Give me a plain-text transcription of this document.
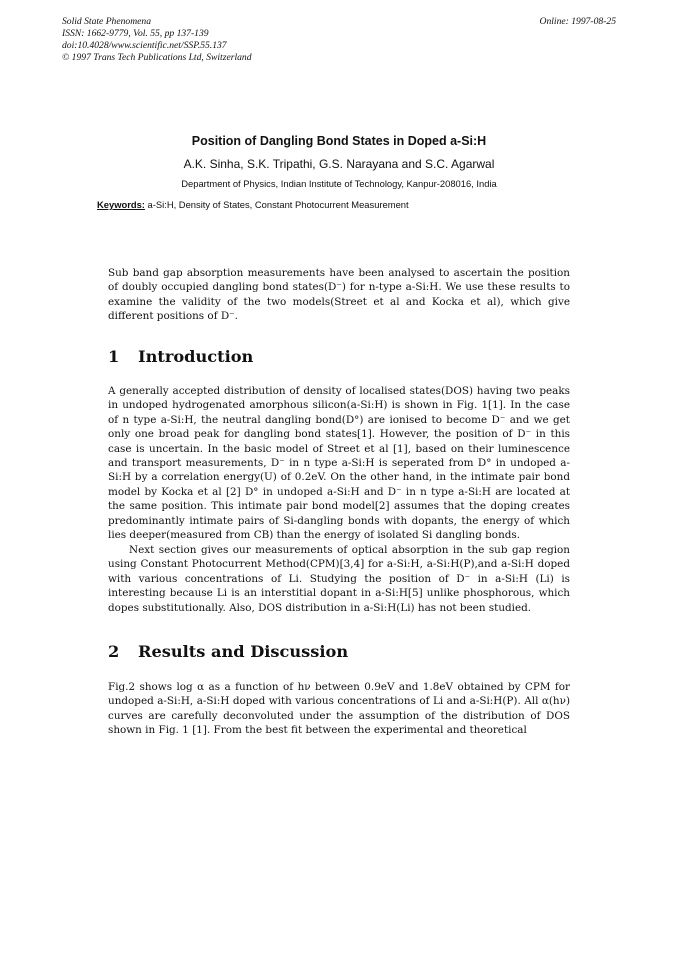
Solid State Phenomena
ISSN: 1662-9779, Vol. 55, pp 137-139
doi:10.4028/www.scientific.net/SSP.55.137
© 1997 Trans Tech Publications Ltd, Switzerland
Online: 1997-08-25
Position of Dangling Bond States in Doped a-Si:H
A.K. Sinha, S.K. Tripathi, G.S. Narayana and S.C. Agarwal
Department of Physics, Indian Institute of Technology, Kanpur-208016, India
Keywords: a-Si:H, Density of States, Constant Photocurrent Measurement
Sub band gap absorption measurements have been analysed to ascertain the position of doubly occupied dangling bond states(D⁻) for n-type a-Si:H. We use these results to examine the validity of the two models(Street et al and Kocka et al), which give different positions of D⁻.
1 Introduction
A generally accepted distribution of density of localised states(DOS) having two peaks in undoped hydrogenated amorphous silicon(a-Si:H) is shown in Fig. 1[1]. In the case of n type a-Si:H, the neutral dangling bond(D°) are ionised to become D⁻ and we get only one broad peak for dangling bond states[1]. However, the position of D⁻ in this case is uncertain. In the basic model of Street et al [1], based on their luminescence and transport measurements, D⁻ in n type a-Si:H is seperated from D° in undoped a-Si:H by a correlation energy(U) of 0.2eV. On the other hand, in the intimate pair bond model by Kocka et al [2] D° in undoped a-Si:H and D⁻ in n type a-Si:H are located at the same position. This intimate pair bond model[2] assumes that the doping creates predominantly intimate pairs of Si-dangling bonds with dopants, the energy of which lies deeper(measured from CB) than the energy of isolated Si dangling bonds.
Next section gives our measurements of optical absorption in the sub gap region using Constant Photocurrent Method(CPM)[3,4] for a-Si:H, a-Si:H(P),and a-Si:H doped with various concentrations of Li. Studying the position of D⁻ in a-Si:H (Li) is interesting because Li is an interstitial dopant in a-Si:H[5] unlike phosphorous, which dopes substitutionally. Also, DOS distribution in a-Si:H(Li) has not been studied.
2 Results and Discussion
Fig.2 shows log α as a function of hν between 0.9eV and 1.8eV obtained by CPM for undoped a-Si:H, a-Si:H doped with various concentrations of Li and a-Si:H(P). All α(hν) curves are carefully deconvoluted under the assumption of the distribution of DOS shown in Fig. 1 [1]. From the best fit between the experimental and theoretical
